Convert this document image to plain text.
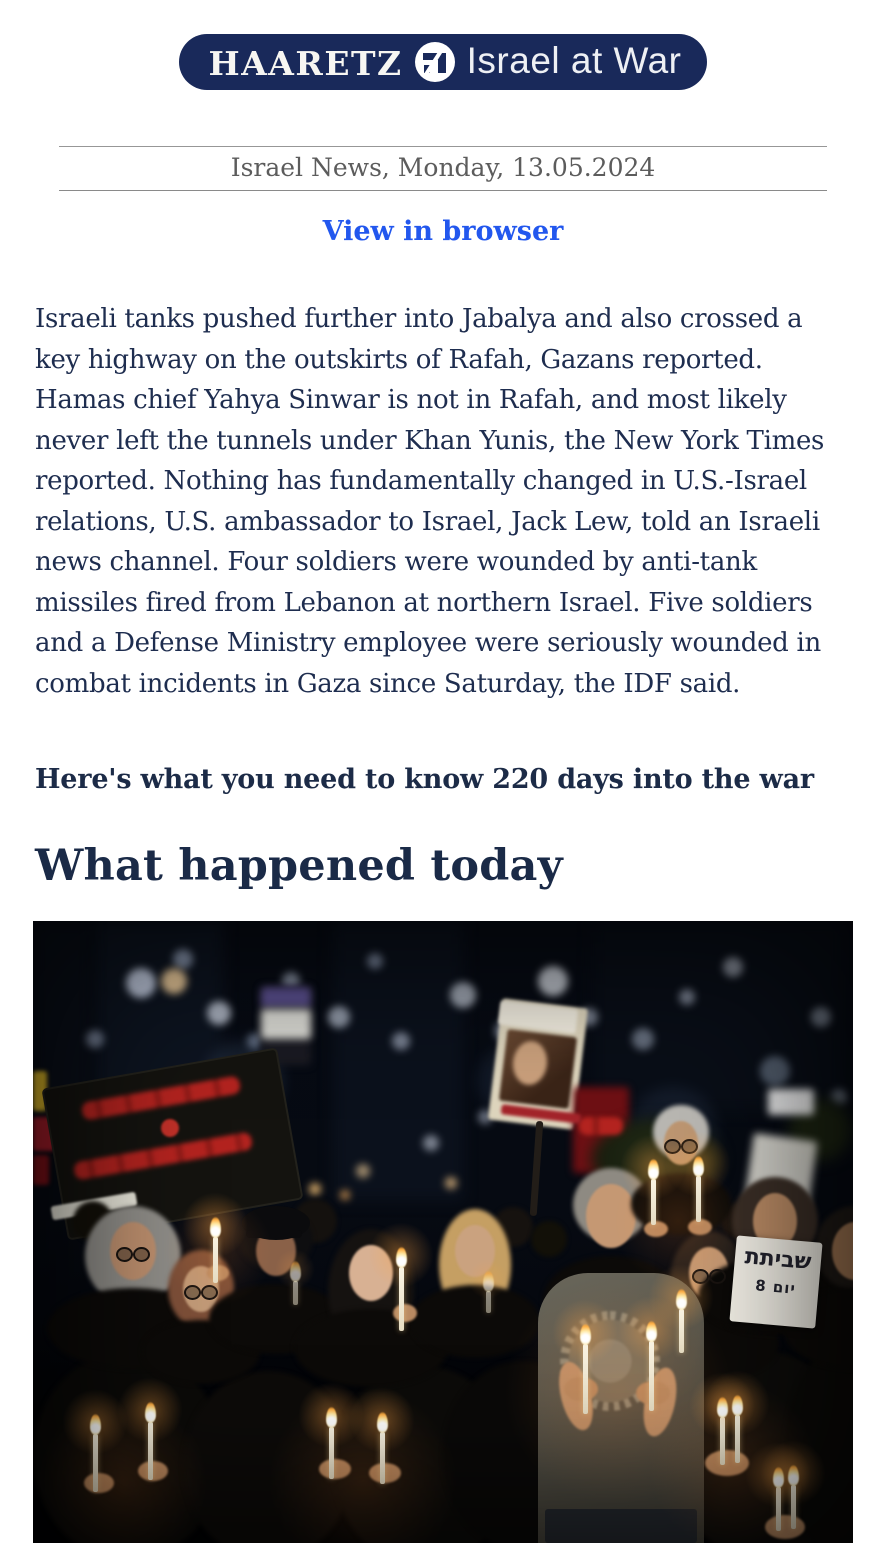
HAARETZ Israel at War
Israel News, Monday, 13.05.2024
View in browser

Israeli tanks pushed further into Jabalya and also crossed a key highway on the outskirts of Rafah, Gazans reported. Hamas chief Yahya Sinwar is not in Rafah, and most likely never left the tunnels under Khan Yunis, the New York Times reported. Nothing has fundamentally changed in U.S.-Israel relations, U.S. ambassador to Israel, Jack Lew, told an Israeli news channel. Four soldiers were wounded by anti-tank missiles fired from Lebanon at northern Israel. Five soldiers and a Defense Ministry employee were seriously wounded in combat incidents in Gaza since Saturday, the IDF said.

Here's what you need to know 220 days into the war

What happened today
שביתת
יום 8
